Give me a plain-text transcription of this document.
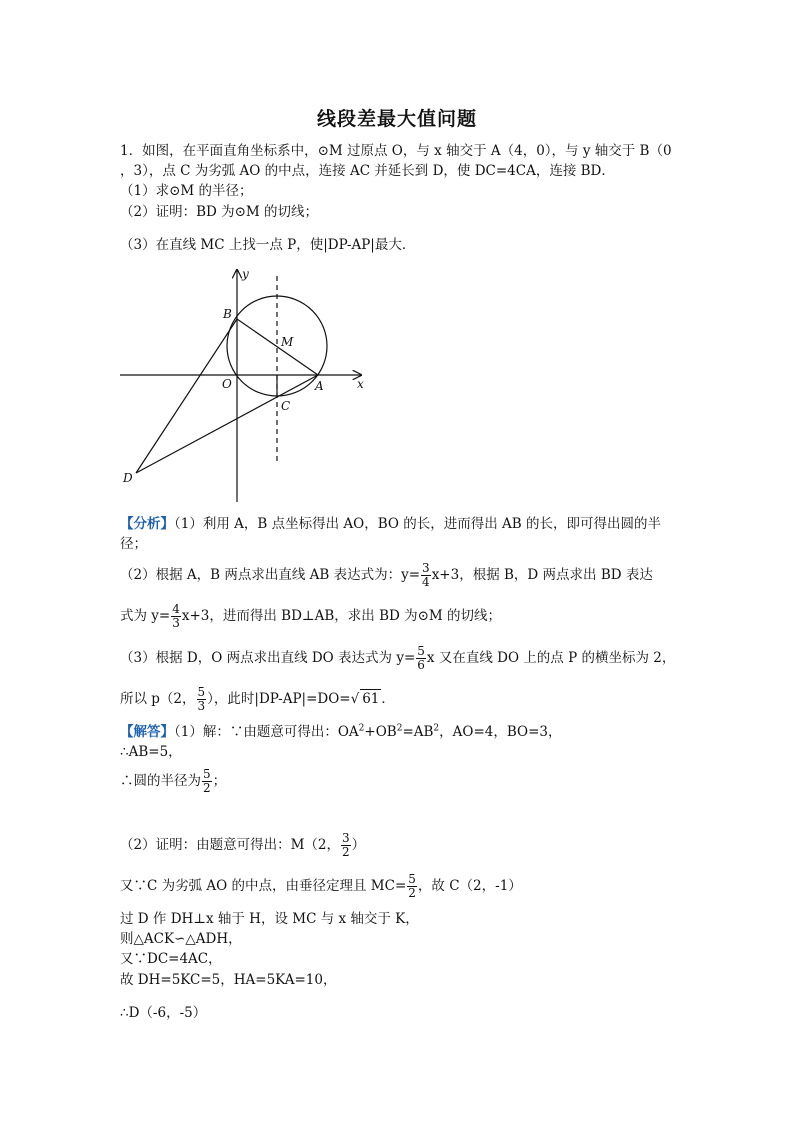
线段差最大值问题
1．如图，在平面直角坐标系中，⊙M 过原点 O，与 x 轴交于 A（4，0），与 y 轴交于 B（0
，3），点 C 为劣弧 AO 的中点，连接 AC 并延长到 D，使 DC=4CA，连接 BD．
（1）求⊙M 的半径；
（2）证明：BD 为⊙M 的切线；
（3）在直线 MC 上找一点 P，使|DP-AP|最大．
y
x
B
M
O	A
C
D
【分析】（1）利用 A，B 点坐标得出 AO，BO 的长，进而得出 AB 的长，即可得出圆的半
径；
（2）根据 A，B 两点求出直线 AB 表达式为：$y= \frac{3}{4} x+3$，根据 B，D 两点求出 BD 表达
式为 $y= \frac{4}{3} x+3$，进而得出 BD⊥AB，求出 BD 为⊙M 的切线；
（3）根据 D，O 两点求出直线 DO 表达式为 $y= \frac{5}{6}$ x 又在直线 DO 上的点 P 的横坐标为 2，
所以 p（2， $\frac{5}{3}$ ），此时|DP-AP|=DO=√ 61 ．
【解答】（1）解：∵由题意可得出：$OA^2+OB^2=AB^2$，AO=4，BO=3，
∴AB=5，
∴圆的半径为 $\frac{5}{2}$ ；
（2）证明：由题意可得出：M（2， $\frac{3}{2}$ ）
又∵C 为劣弧 AO 的中点，由垂径定理且 $MC= \frac{5}{2}$ ，故 C（2，-1）
过 D 作 DH⊥x 轴于 H，设 MC 与 x 轴交于 K，
则△ACK∽△ADH，
又∵DC=4AC，
故 DH=5KC=5，HA=5KA=10，
∴D（-6，-5）
